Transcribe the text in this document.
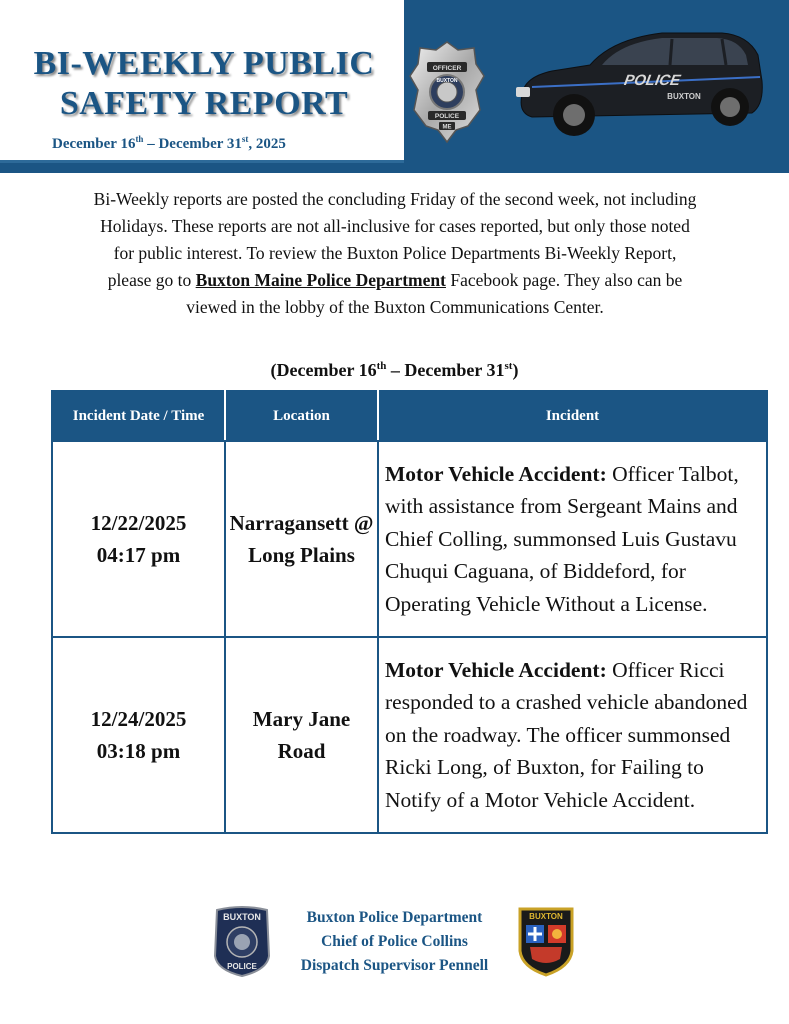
BI-WEEKLY PUBLIC
SAFETY REPORT
December 16th – December 31st, 2025
OFFICER
BUXTON
POLICE
ME
POLICE
BUXTON
Bi-Weekly reports are posted the concluding Friday of the second week, not including Holidays. These reports are not all-inclusive for cases reported, but only those noted for public interest. To review the Buxton Police Departments Bi-Weekly Report, please go to Buxton Maine Police Department Facebook page. They also can be viewed in the lobby of the Buxton Communications Center.
(December 16th – December 31st)
Incident Date / Time	Location	Incident

12/22/2025
04:17 pm	Narragansett @ Long Plains	Motor Vehicle Accident: Officer Talbot, with assistance from Sergeant Mains and Chief Colling, summonsed Luis Gustavu Chuqui Caguana, of Biddeford, for Operating Vehicle Without a License.

12/24/2025
03:18 pm	Mary Jane Road	Motor Vehicle Accident: Officer Ricci responded to a crashed vehicle abandoned on the roadway. The officer summonsed Ricki Long, of Buxton, for Failing to Notify of a Motor Vehicle Accident.
BUXTON
POLICE
Buxton Police Department
Chief of Police Collins
Dispatch Supervisor Pennell
BUXTON
